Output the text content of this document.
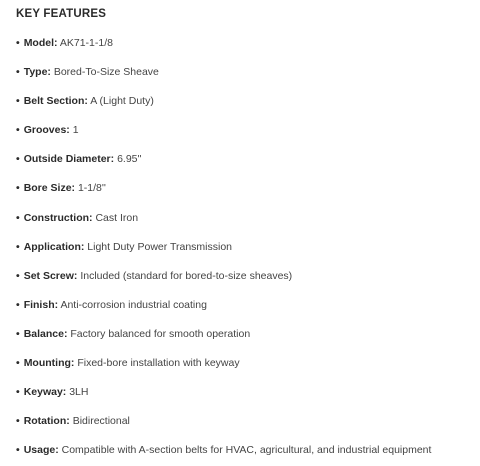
KEY FEATURES
• Model: AK71-1-1/8
• Type: Bored-To-Size Sheave
• Belt Section: A (Light Duty)
• Grooves: 1
• Outside Diameter: 6.95''
• Bore Size: 1-1/8''
• Construction: Cast Iron
• Application: Light Duty Power Transmission
• Set Screw: Included (standard for bored-to-size sheaves)
• Finish: Anti-corrosion industrial coating
• Balance: Factory balanced for smooth operation
• Mounting: Fixed-bore installation with keyway
• Keyway: 3LH
• Rotation: Bidirectional
• Usage: Compatible with A-section belts for HVAC, agricultural, and industrial equipment
